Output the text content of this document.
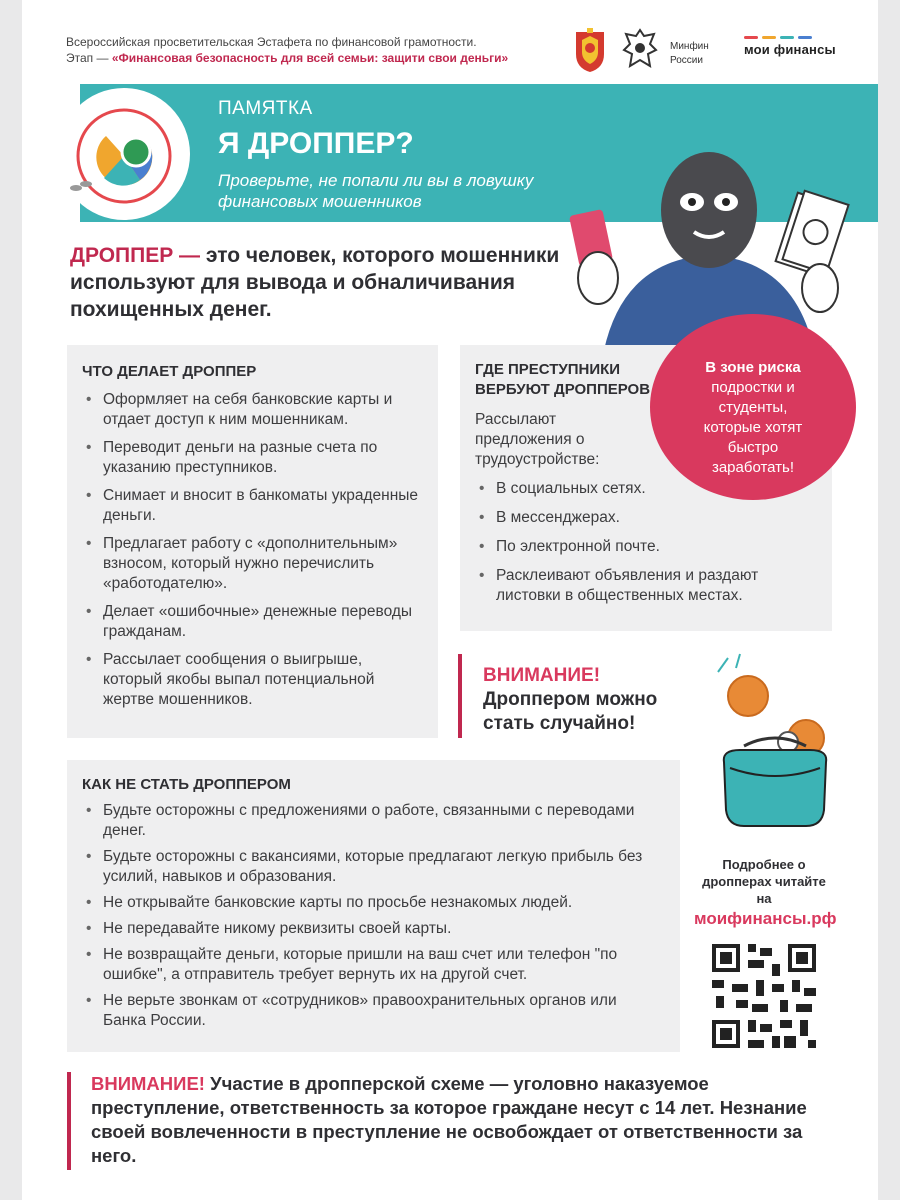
Всероссийская просветительская Эстафета по финансовой грамотности.
Этап — «Финансовая безопасность для всей семьи: защити свои деньги»
Минфин
России
мои финансы
ПАМЯТКА
Я ДРОППЕР?
Проверьте, не попали ли вы в ловушку финансовых мошенников
ДРОППЕР — это человек, которого мошенники используют для вывода и обналичивания похищенных денег.
ЧТО ДЕЛАЕТ ДРОППЕР
• Оформляет на себя банковские карты и отдает доступ к ним мошенникам.
• Переводит деньги на разные счета по указанию преступников.
• Снимает и вносит в банкоматы украденные деньги.
• Предлагает работу с «дополнительным» взносом, который нужно перечислить «работодателю».
• Делает «ошибочные» денежные переводы гражданам.
• Рассылает сообщения о выигрыше, который якобы выпал потенциальной жертве мошенников.
ГДЕ ПРЕСТУПНИКИ ВЕРБУЮТ ДРОППЕРОВ
Рассылают предложения о трудоустройстве:
• В социальных сетях.
• В мессенджерах.
• По электронной почте.
• Расклеивают объявления и раздают листовки в общественных местах.
В зоне риска
подростки и студенты, которые хотят быстро заработать!
ВНИМАНИЕ!
Дроппером можно стать случайно!
КАК НЕ СТАТЬ ДРОППЕРОМ
• Будьте осторожны с предложениями о работе, связанными с переводами денег.
• Будьте осторожны с вакансиями, которые предлагают легкую прибыль без усилий, навыков и образования.
• Не открывайте банковские карты по просьбе незнакомых людей.
• Не передавайте никому реквизиты своей карты.
• Не возвращайте деньги, которые пришли на ваш счет или телефон "по ошибке", а отправитель требует вернуть их на другой счет.
• Не верьте звонкам от «сотрудников» правоохранительных органов или Банка России.
Подробнее о дропперах читайте на
моифинансы.рф
ВНИМАНИЕ! Участие в дропперской схеме — уголовно наказуемое преступление, ответственность за которое граждане несут с 14 лет. Незнание своей вовлеченности в преступление не освобождает от ответственности за него.
